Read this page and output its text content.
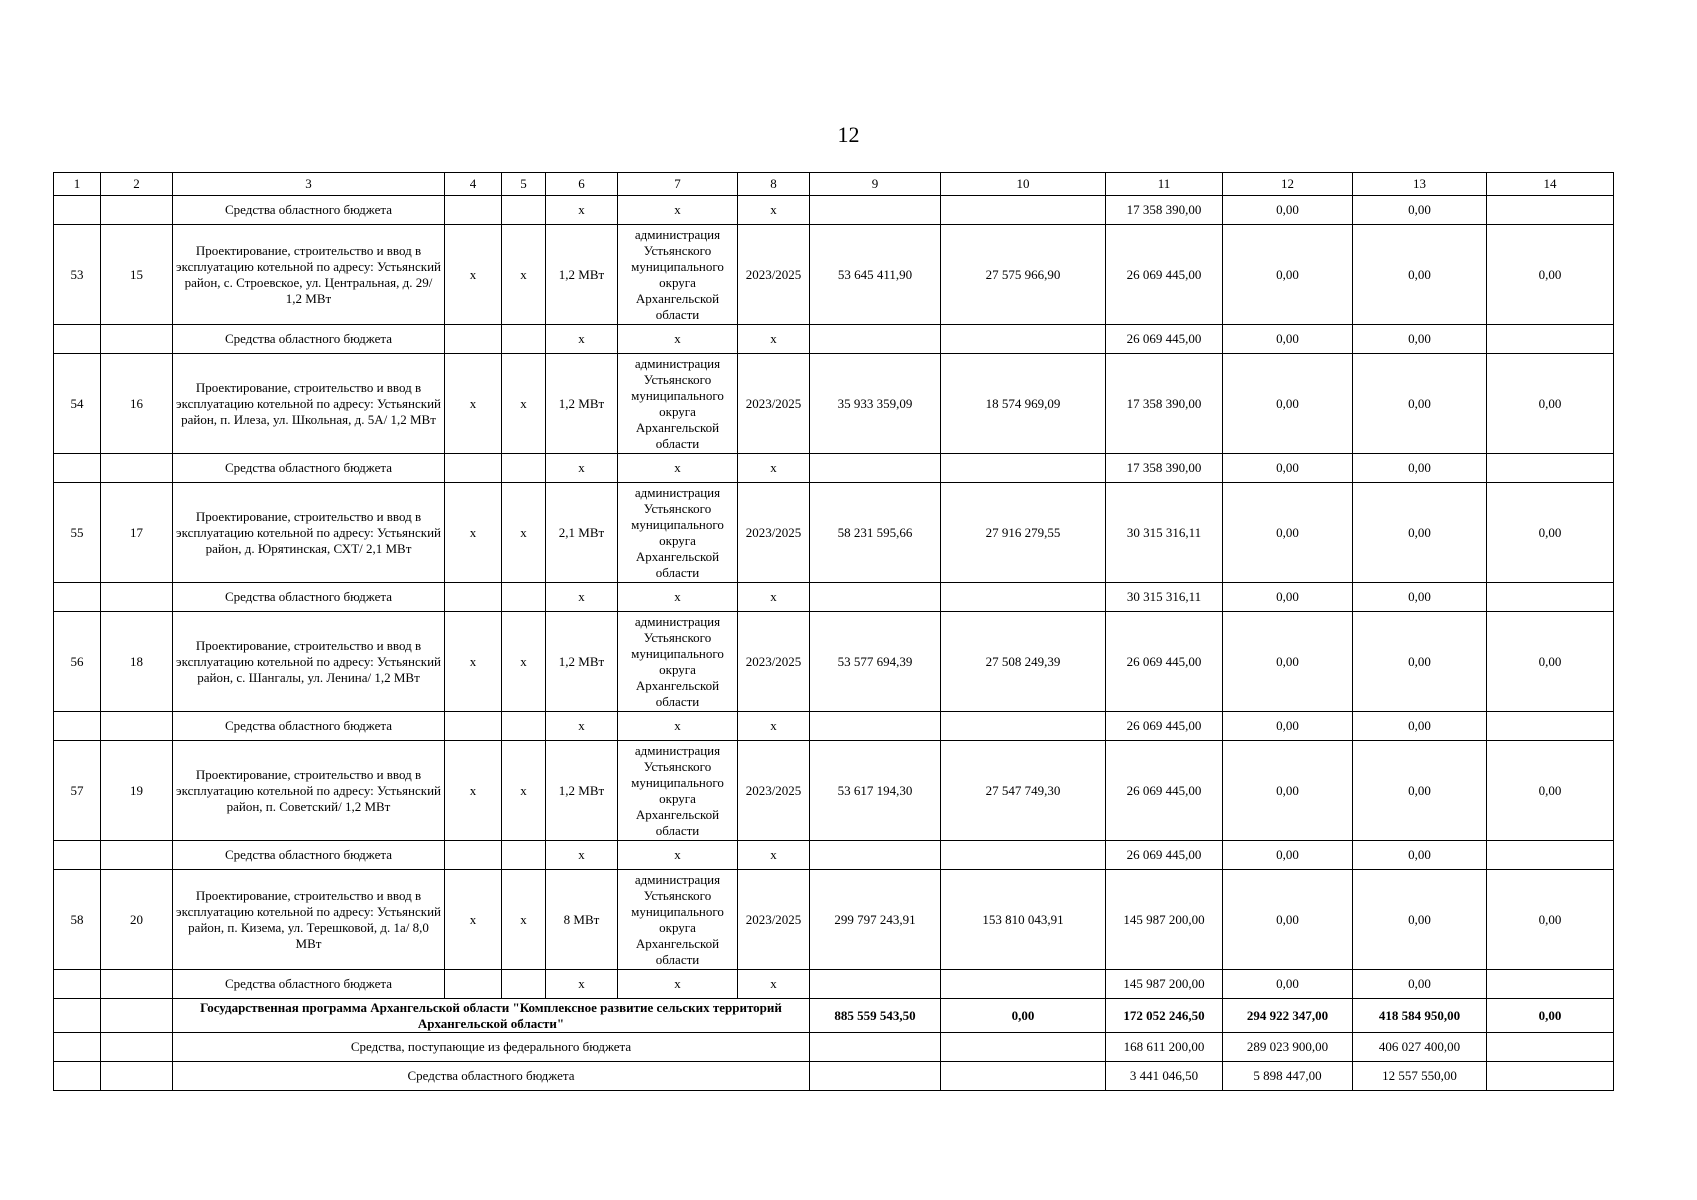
12
1	2	3	4	5	6	7	8	9	10	11	12	13	14
		Средства областного бюджета			х	х	х			17 358 390,00	0,00	0,00	
53	15	Проектирование, строительство и ввод в эксплуатацию котельной по адресу: Устьянский район, с. Строевское, ул. Центральная, д. 29/ 1,2 МВт	х	х	1,2 МВт	администрация Устьянского муниципального округа Архангельской области	2023/2025	53 645 411,90	27 575 966,90	26 069 445,00	0,00	0,00	0,00
		Средства областного бюджета			х	х	х			26 069 445,00	0,00	0,00	
54	16	Проектирование, строительство и ввод в эксплуатацию котельной по адресу: Устьянский район, п. Илеза, ул. Школьная, д. 5А/ 1,2 МВт	х	х	1,2 МВт	администрация Устьянского муниципального округа Архангельской области	2023/2025	35 933 359,09	18 574 969,09	17 358 390,00	0,00	0,00	0,00
		Средства областного бюджета			х	х	х			17 358 390,00	0,00	0,00	
55	17	Проектирование, строительство и ввод в эксплуатацию котельной по адресу: Устьянский район, д. Юрятинская, СХТ/ 2,1 МВт	х	х	2,1 МВт	администрация Устьянского муниципального округа Архангельской области	2023/2025	58 231 595,66	27 916 279,55	30 315 316,11	0,00	0,00	0,00
		Средства областного бюджета			х	х	х			30 315 316,11	0,00	0,00	
56	18	Проектирование, строительство и ввод в эксплуатацию котельной по адресу: Устьянский район, с. Шангалы, ул. Ленина/ 1,2 МВт	х	х	1,2 МВт	администрация Устьянского муниципального округа Архангельской области	2023/2025	53 577 694,39	27 508 249,39	26 069 445,00	0,00	0,00	0,00
		Средства областного бюджета			х	х	х			26 069 445,00	0,00	0,00	
57	19	Проектирование, строительство и ввод в эксплуатацию котельной по адресу: Устьянский район, п. Советский/ 1,2 МВт	х	х	1,2 МВт	администрация Устьянского муниципального округа Архангельской области	2023/2025	53 617 194,30	27 547 749,30	26 069 445,00	0,00	0,00	0,00
		Средства областного бюджета			х	х	х			26 069 445,00	0,00	0,00	
58	20	Проектирование, строительство и ввод в эксплуатацию котельной по адресу: Устьянский район, п. Кизема, ул. Терешковой, д. 1а/ 8,0 МВт	х	х	8 МВт	администрация Устьянского муниципального округа Архангельской области	2023/2025	299 797 243,91	153 810 043,91	145 987 200,00	0,00	0,00	0,00
		Средства областного бюджета			х	х	х			145 987 200,00	0,00	0,00	
		Государственная программа Архангельской области "Комплексное развитие сельских территорий Архангельской области"						885 559 543,50	0,00	172 052 246,50	294 922 347,00	418 584 950,00	0,00
		Средства, поступающие из федерального бюджета								168 611 200,00	289 023 900,00	406 027 400,00	
		Средства областного бюджета								3 441 046,50	5 898 447,00	12 557 550,00	
